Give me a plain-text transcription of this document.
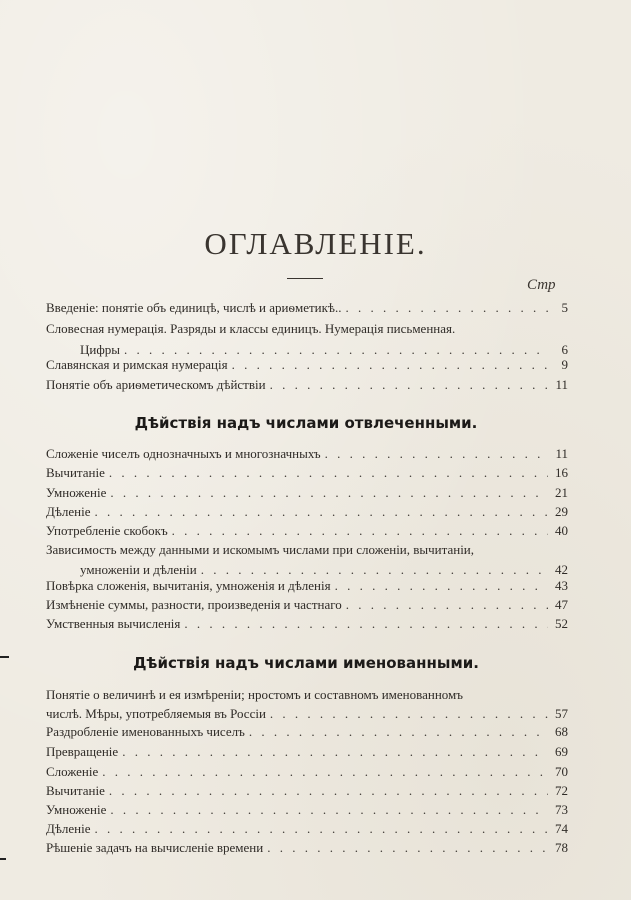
ОГЛАВЛЕНІЕ.
Стр
Введеніе: понятіе объ единицѣ, числѣ и ариѳметикѣ.. . . .	5
Словесная нумерація. Разряды и классы единицъ. Нумерація письменная.
Цифры . . .	6
Славянская и римская нумерація . . .	9
Понятіе объ ариѳметическомъ дѣйствіи . . .	11
Дѣйствія надъ числами отвлеченными.
Сложеніе чиселъ однозначныхъ и многозначныхъ . . .	11
Вычитаніе . . .	16
Умноженіе . . .	21
Дѣленіе . . .	29
Употребленіе скобокъ . . .	40
Зависимость между данными и искомымъ числами при сложеніи, вычитаніи,
умноженіи и дѣленіи . . .	42
Повѣрка сложенія, вычитанія, умноженія и дѣленія . . .	43
Измѣненіе суммы, разности, произведенія и частнаго . . .	47
Умственныя вычисленія . . .	52
Дѣйствія надъ числами именованными.
Понятіе о величинѣ и ея измѣреніи; нростомъ и составномъ именованномъ
числѣ. Мѣры, употребляемыя въ Россіи . . .	57
Раздробленіе именованныхъ чиселъ . . .	68
Превращеніе . . .	69
Сложеніе . . .	70
Вычитаніе . . .	72
Умноженіе . . .	73
Дѣленіе . . .	74
Рѣшеніе задачъ на вычисленіе времени . . .	78
